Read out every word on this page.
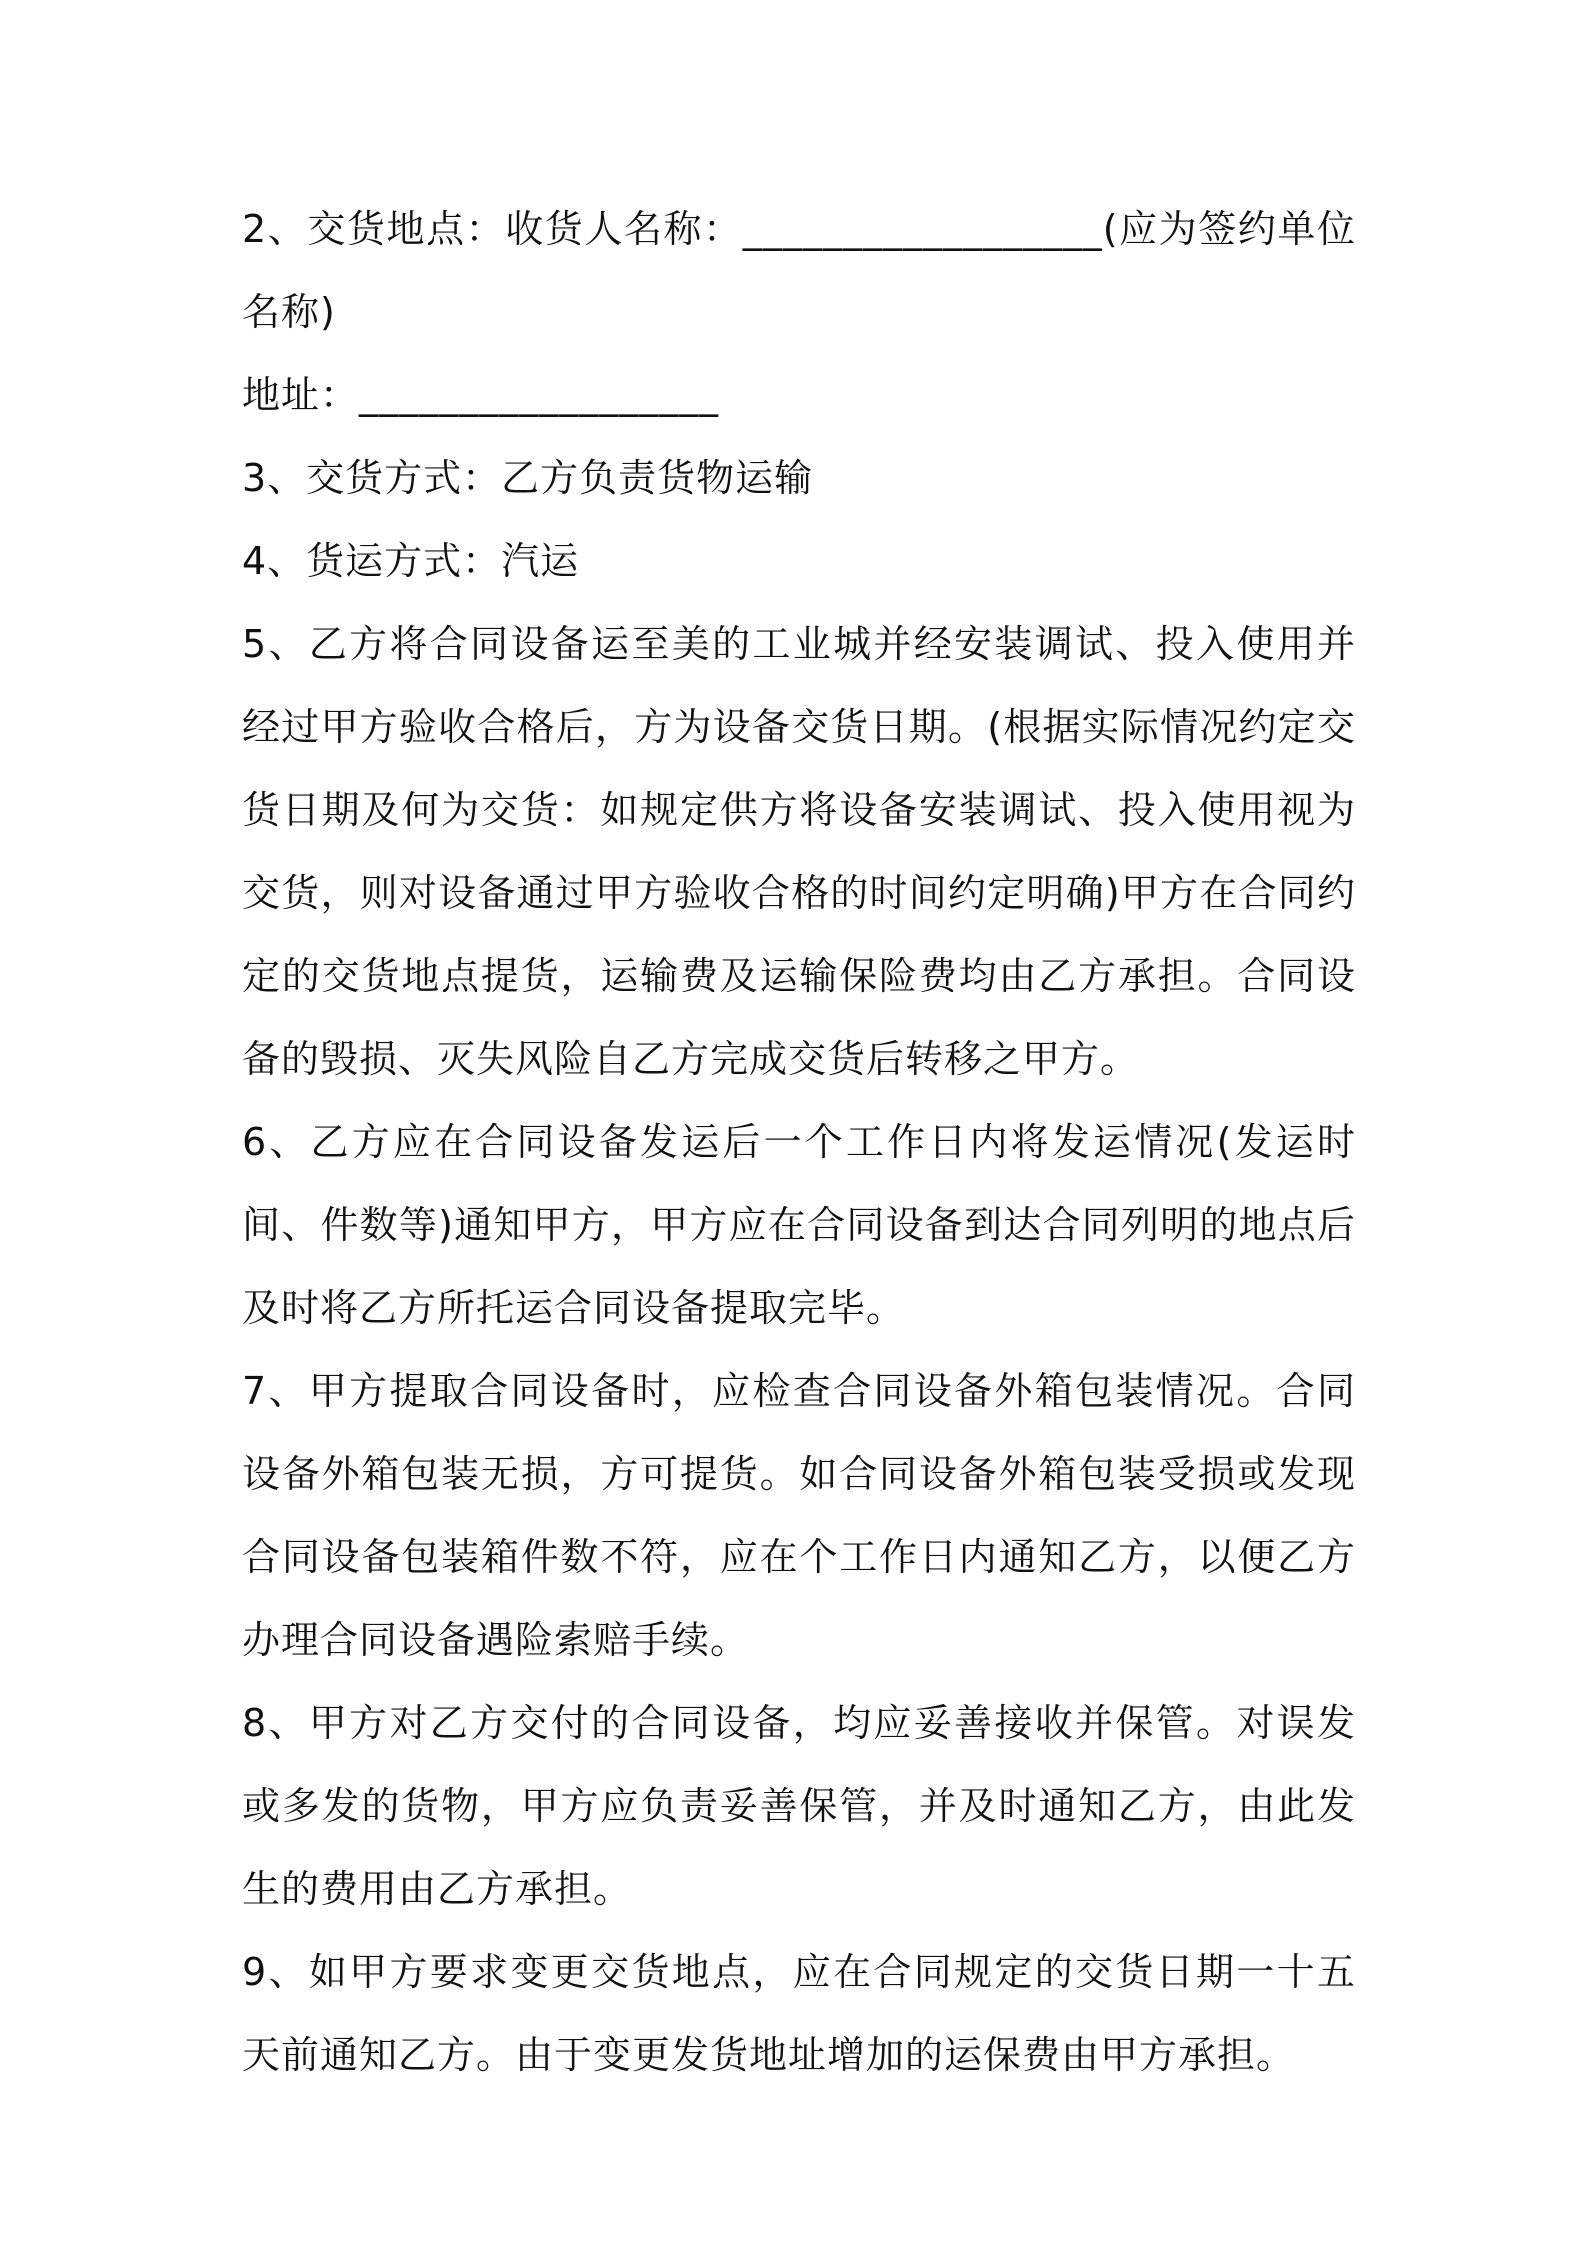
2、交货地点：收货人名称：__________________(应为签约单位名称)

地址：__________________

3、交货方式：乙方负责货物运输

4、货运方式：汽运

5、乙方将合同设备运至美的工业城并经安装调试、投入使用并经过甲方验收合格后，方为设备交货日期。(根据实际情况约定交货日期及何为交货：如规定供方将设备安装调试、投入使用视为交货，则对设备通过甲方验收合格的时间约定明确)甲方在合同约定的交货地点提货，运输费及运输保险费均由乙方承担。合同设备的毁损、灭失风险自乙方完成交货后转移之甲方。

6、乙方应在合同设备发运后一个工作日内将发运情况(发运时间、件数等)通知甲方，甲方应在合同设备到达合同列明的地点后及时将乙方所托运合同设备提取完毕。

7、甲方提取合同设备时，应检查合同设备外箱包装情况。合同设备外箱包装无损，方可提货。如合同设备外箱包装受损或发现合同设备包装箱件数不符，应在个工作日内通知乙方，以便乙方办理合同设备遇险索赔手续。

8、甲方对乙方交付的合同设备，均应妥善接收并保管。对误发或多发的货物，甲方应负责妥善保管，并及时通知乙方，由此发生的费用由乙方承担。

9、如甲方要求变更交货地点，应在合同规定的交货日期一十五天前通知乙方。由于变更发货地址增加的运保费由甲方承担。
